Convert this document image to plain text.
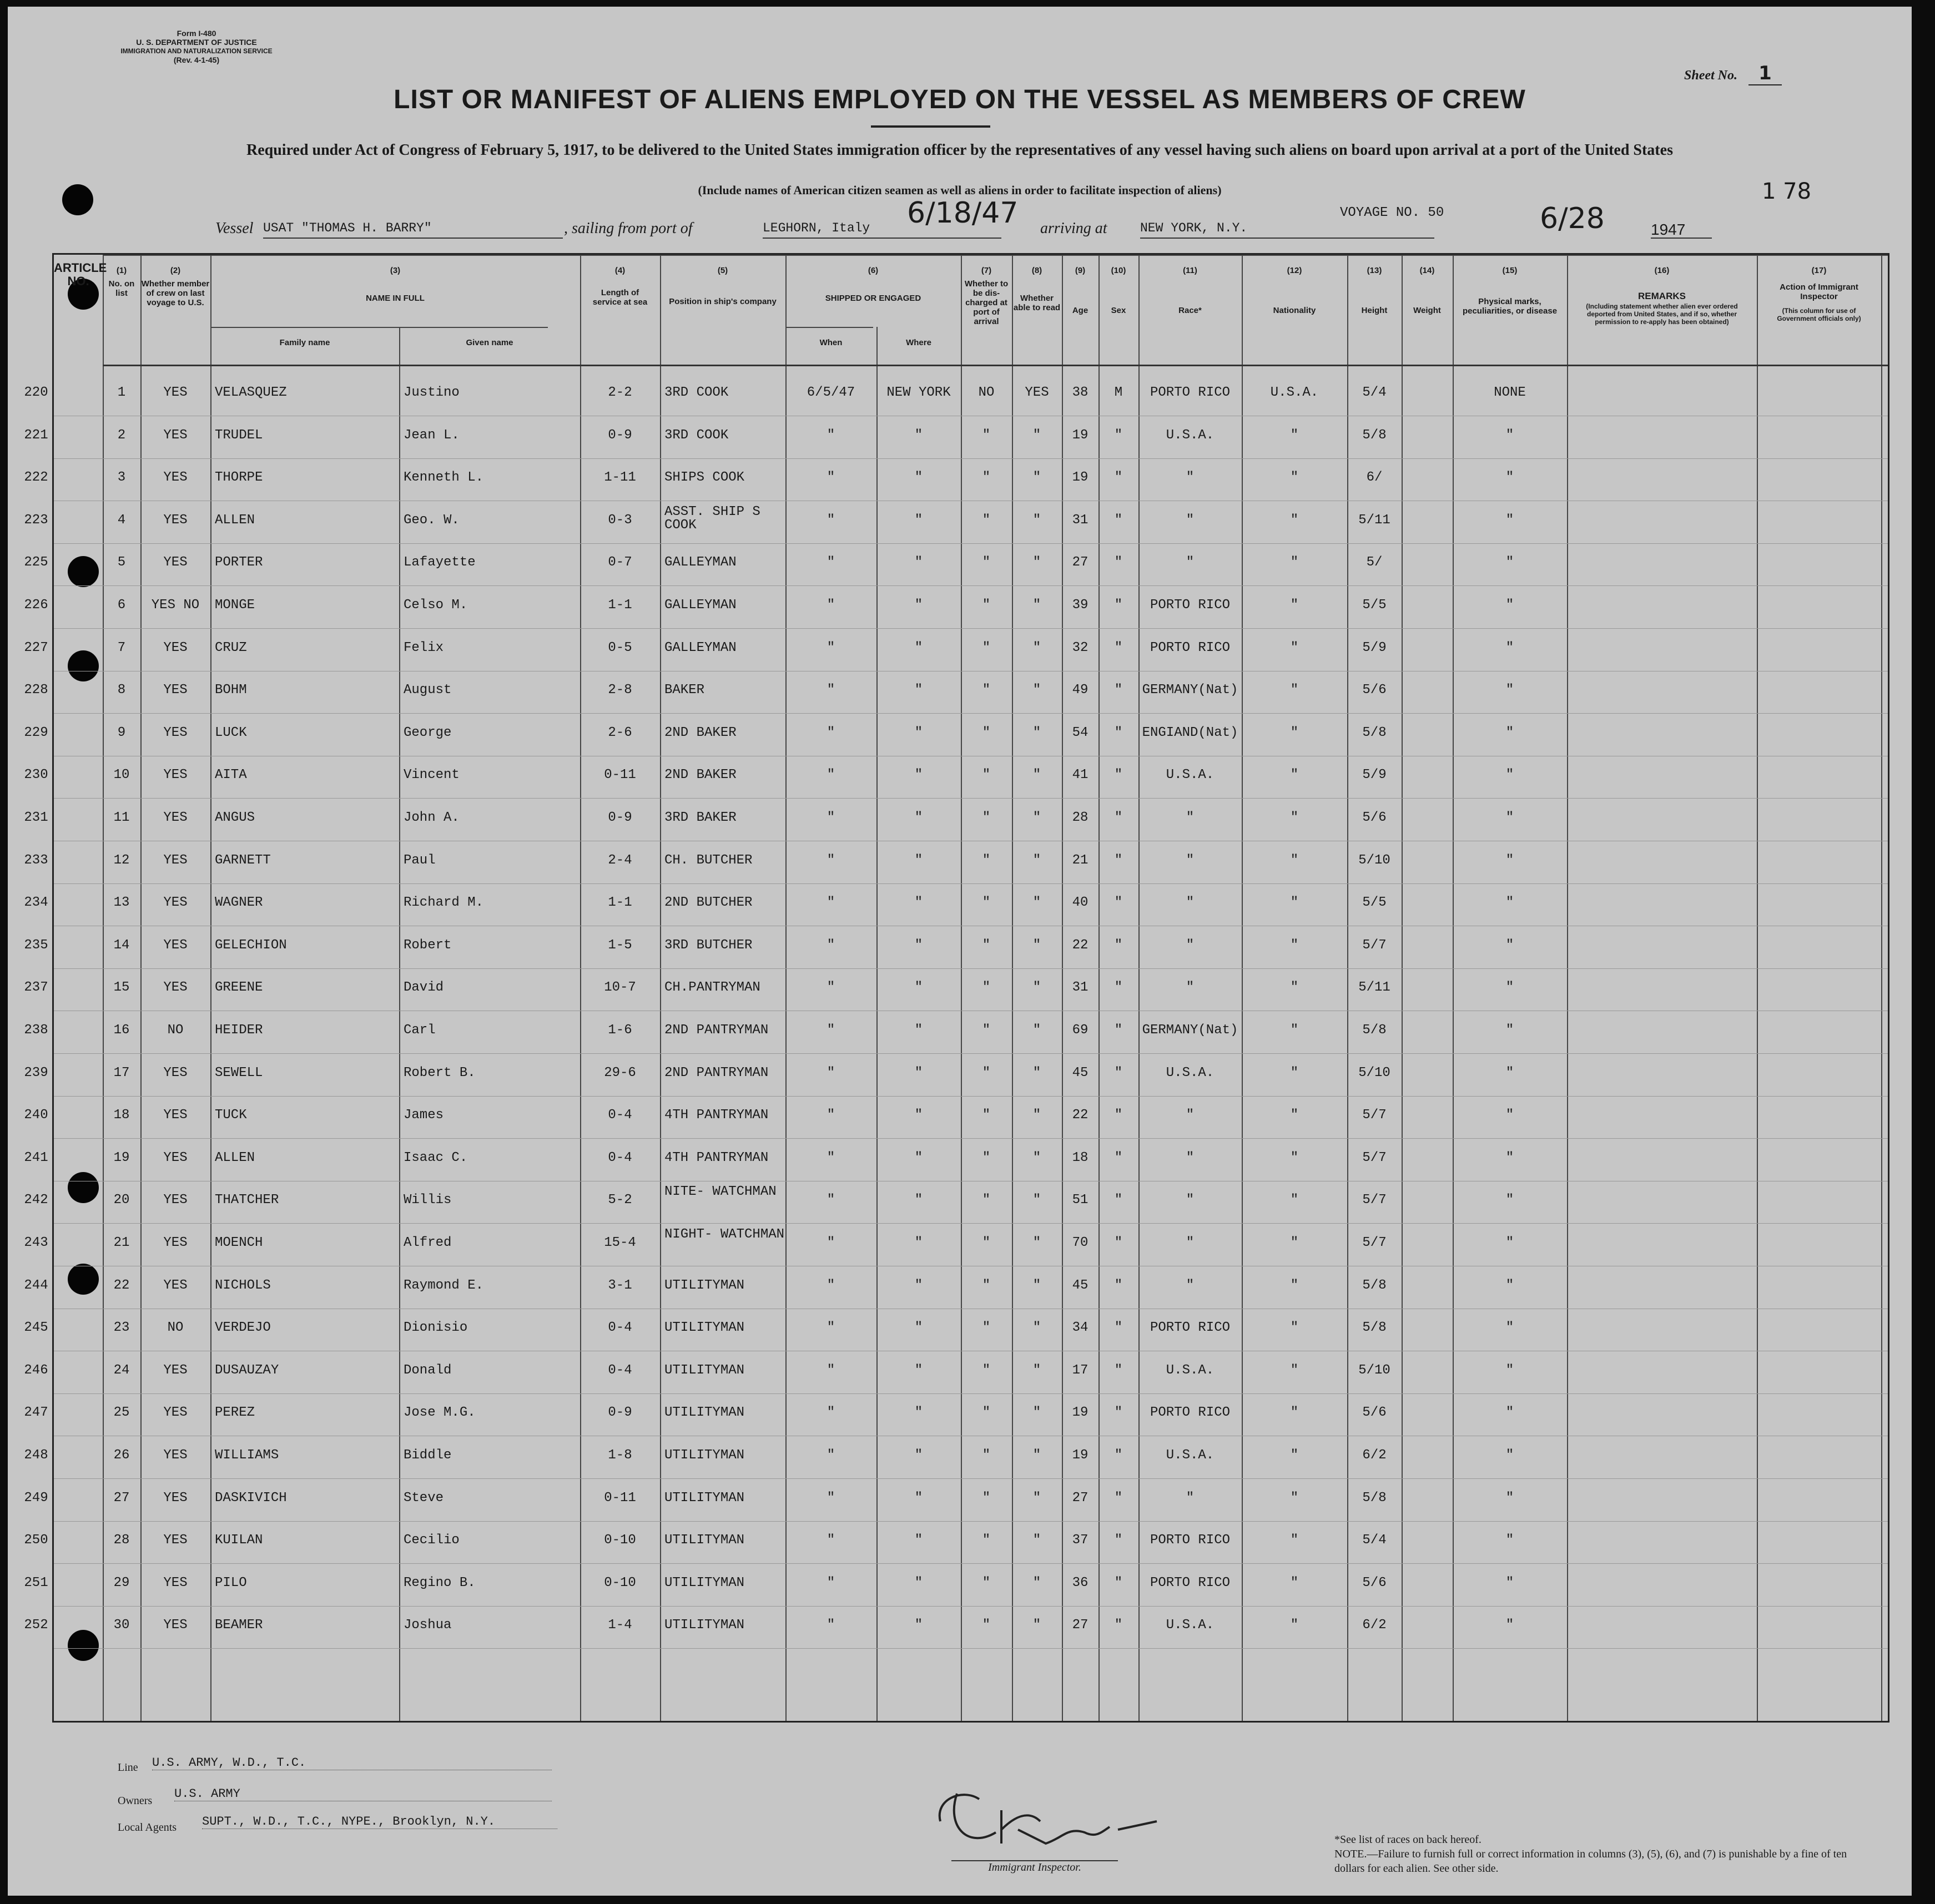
Form I-480
U. S. DEPARTMENT OF JUSTICE
IMMIGRATION AND NATURALIZATION SERVICE
(Rev. 4-1-45)
Sheet No. 1
LIST OR MANIFEST OF ALIENS EMPLOYED ON THE VESSEL AS MEMBERS OF CREW
Required under Act of Congress of February 5, 1917, to be delivered to the United States immigration officer by the representatives of any vessel having such aliens on board upon arrival at a port of the United States
(Include names of American citizen seamen as well as aliens in order to facilitate inspection of aliens)	1 78
VOYAGE NO. 50
Vessel USAT "THOMAS H. BARRY"	, sailing from port of	LEGHORN, Italy	arriving at	NEW YORK, N.Y.	1947
6/18/47	6/28
ARTICLE NO.
(1)
No. on list
(2)
Whether member of crew on last voyage to U.S.
(3)
NAME IN FULL
Family name	Given name
(4)
Length of service at sea
(5)
Position in ship's company
(6)
SHIPPED OR ENGAGED
When	Where
(7)
Whether to be dis-charged at port of arrival
(8)
Whether able to read
(9)
Age
(10)
Sex
(11)
Race*
(12)
Nationality
(13)
Height
(14)
Weight
(15)
Physical marks, peculiarities, or disease
(16)
REMARKS
(Including statement whether alien ever ordered deported from United States, and if so, whether permission to re-apply has been obtained)
(17)
Action of Immigrant Inspector
(This column for use of Government officials only)
220	1	YES	VELASQUEZ	Justino	2-2	3RD COOK	6/5/47	NEW YORK	NO	YES	38	M	PORTO RICO	U.S.A.	5/4	NONE
221	2	YES	TRUDEL	Jean L.	0-9	3RD COOK	"	"	"	"	19	"	U.S.A.	"	5/8	"
222	3	YES	THORPE	Kenneth L.	1-11	SHIPS COOK	"	"	"	"	19	"	"	"	6/	"
223	4	YES	ALLEN	Geo. W.	0-3
ASST. SHIP S COOK	"	"	"	"	31	"	"	"	5/11	"
225	5	YES	PORTER	Lafayette	0-7	GALLEYMAN	"	"	"	"	27	"	"	"	5/	"
226	6	YES NO	MONGE	Celso M.	1-1	GALLEYMAN	"	"	"	"	39	"	PORTO RICO	"	5/5	"
227	7	YES	CRUZ	Felix	0-5	GALLEYMAN	"	"	"	"	32	"	PORTO RICO	"	5/9	"
228	8	YES	BOHM	August	2-8	BAKER	"	"	"	"	49	"	GERMANY(Nat)	"	5/6	"
229	9	YES	LUCK	George	2-6	2ND BAKER	"	"	"	"	54	"	ENGIAND(Nat)	"	5/8	"
230	10	YES	AITA	Vincent	0-11	2ND BAKER	"	"	"	"	41	"	U.S.A.	"	5/9	"
231	11	YES	ANGUS	John A.	0-9	3RD BAKER	"	"	"	"	28	"	"	"	5/6	"
233	12	YES	GARNETT	Paul	2-4	CH. BUTCHER	"	"	"	"	21	"	"	"	5/10	"
234	13	YES	WAGNER	Richard M.	1-1	2ND BUTCHER	"	"	"	"	40	"	"	"	5/5	"
235	14	YES	GELECHION	Robert	1-5	3RD BUTCHER	"	"	"	"	22	"	"	"	5/7	"
237	15	YES	GREENE	David	10-7	CH.PANTRYMAN	"	"	"	"	31	"	"	"	5/11	"
238	16	NO	HEIDER	Carl	1-6	2ND PANTRYMAN	"	"	"	"	69	"	GERMANY(Nat)	"	5/8	"
239	17	YES	SEWELL	Robert B.	29-6	2ND PANTRYMAN	"	"	"	"	45	"	U.S.A.	"	5/10	"
240	18	YES	TUCK	James	0-4	4TH PANTRYMAN	"	"	"	"	22	"	"	"	5/7	"
241	19	YES	ALLEN	Isaac C.	0-4	4TH PANTRYMAN	"	"	"	"	18	"	"	"	5/7	"
242	20	YES	THATCHER	Willis	5-2
NITE- WATCHMAN
"	"	"	"	51	"	"	"	5/7	"
243	21	YES	MOENCH	Alfred	15-4
NIGHT- WATCHMAN
"	"	"	"	70	"	"	"	5/7	"
244	22	YES	NICHOLS	Raymond E.	3-1	UTILITYMAN	"	"	"	"	45	"	"	"	5/8	"
245	23	NO	VERDEJO	Dionisio	0-4	UTILITYMAN	"	"	"	"	34	"	PORTO RICO	"	5/8	"
246	24	YES	DUSAUZAY	Donald	0-4	UTILITYMAN	"	"	"	"	17	"	U.S.A.	"	5/10	"
247	25	YES	PEREZ	Jose M.G.	0-9	UTILITYMAN	"	"	"	"	19	"	PORTO RICO	"	5/6	"
248	26	YES	WILLIAMS	Biddle	1-8	UTILITYMAN	"	"	"	"	19	"	U.S.A.	"	6/2	"
249	27	YES	DASKIVICH	Steve	0-11	UTILITYMAN	"	"	"	"	27	"	"	"	5/8	"
250	28	YES	KUILAN	Cecilio	0-10	UTILITYMAN	"	"	"	"	37	"	PORTO RICO	"	5/4	"
251	29	YES	PILO	Regino B.	0-10	UTILITYMAN	"	"	"	"	36	"	PORTO RICO	"	5/6	"
252	30	YES	BEAMER	Joshua	1-4	UTILITYMAN	"	"	"	"	27	"	U.S.A.	"	6/2	"
Line U.S. ARMY, W.D., T.C.
Owners U.S. ARMY
Local Agents SUPT., W.D., T.C., NYPE., Brooklyn, N.Y.
Immigrant Inspector.
*See list of races on back hereof.
NOTE.—Failure to furnish full or correct information in columns (3), (5), (6), and (7) is punishable by a fine of ten dollars for each alien. See other side.
